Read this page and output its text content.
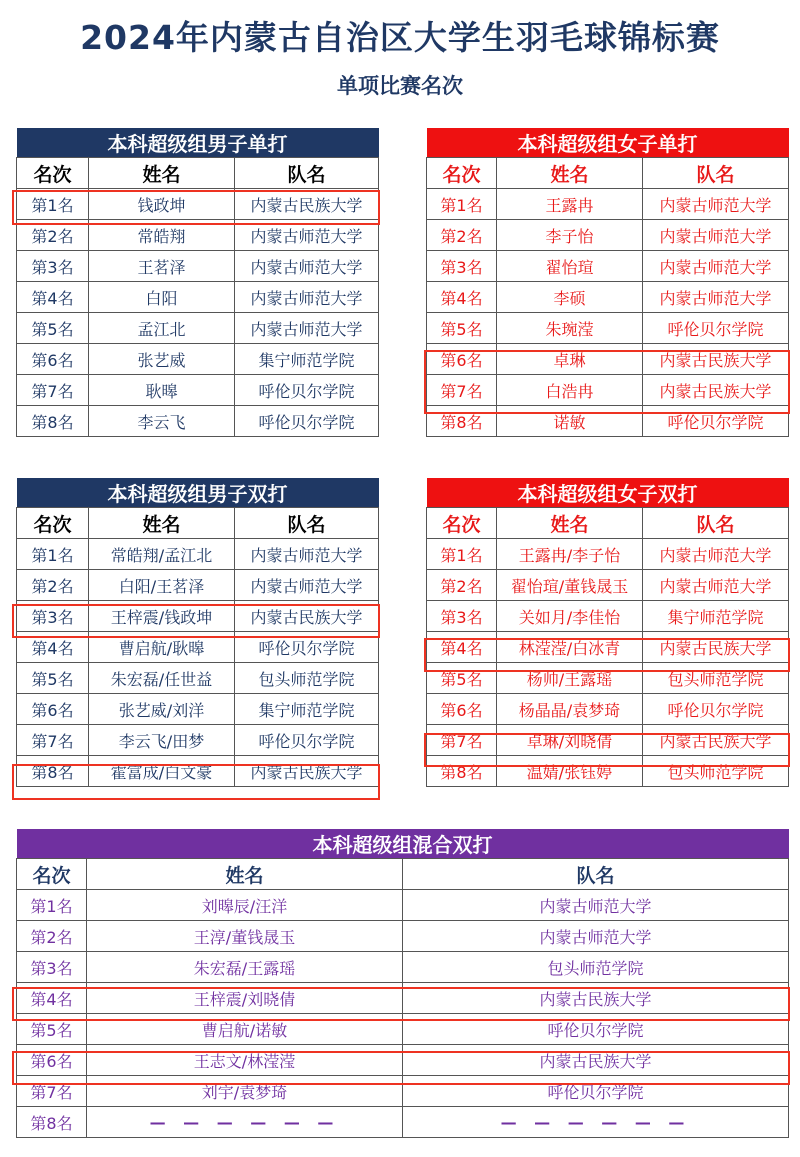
2024年内蒙古自治区大学生羽毛球锦标赛
单项比赛名次
本科超级组男子单打		
名次	姓名	队名
第1名	钱政坤	内蒙古民族大学
第2名	常皓翔	内蒙古师范大学
第3名	王茗泽	内蒙古师范大学
第4名	白阳	内蒙古师范大学
第5名	孟江北	内蒙古师范大学
第6名	张艺威	集宁师范学院
第7名	耿暤	呼伦贝尔学院
第8名	李云飞	呼伦贝尔学院
本科超级组女子单打		
名次	姓名	队名
第1名	王露冉	内蒙古师范大学
第2名	李子怡	内蒙古师范大学
第3名	翟怡瑄	内蒙古师范大学
第4名	李硕	内蒙古师范大学
第5名	朱琬滢	呼伦贝尔学院
第6名	卓琳	内蒙古民族大学
第7名	白浩冉	内蒙古民族大学
第8名	诺敏	呼伦贝尔学院
本科超级组男子双打		
名次	姓名	队名
第1名	常皓翔/孟江北	内蒙古师范大学
第2名	白阳/王茗泽	内蒙古师范大学
第3名	王梓震/钱政坤	内蒙古民族大学
第4名	曹启航/耿暤	呼伦贝尔学院
第5名	朱宏磊/任世益	包头师范学院
第6名	张艺威/刘洋	集宁师范学院
第7名	李云飞/田梦	呼伦贝尔学院
第8名	霍富成/白文豪	内蒙古民族大学
本科超级组女子双打		
名次	姓名	队名
第1名	王露冉/李子怡	内蒙古师范大学
第2名	翟怡瑄/董钱晟玉	内蒙古师范大学
第3名	关如月/李佳怡	集宁师范学院
第4名	林滢滢/白冰青	内蒙古民族大学
第5名	杨帅/王露瑶	包头师范学院
第6名	杨晶晶/袁梦琦	呼伦贝尔学院
第7名	卓琳/刘晓倩	内蒙古民族大学
第8名	温婧/张钰婷	包头师范学院
本科超级组混合双打		
名次	姓名	队名
第1名	刘暤辰/汪洋	内蒙古师范大学
第2名	王淳/董钱晟玉	内蒙古师范大学
第3名	朱宏磊/王露瑶	包头师范学院
第4名	王梓震/刘晓倩	内蒙古民族大学
第5名	曹启航/诺敏	呼伦贝尔学院
第6名	王志文/林滢滢	内蒙古民族大学
第7名	刘宇/袁梦琦	呼伦贝尔学院
第8名	— — — — — —	— — — — — —
